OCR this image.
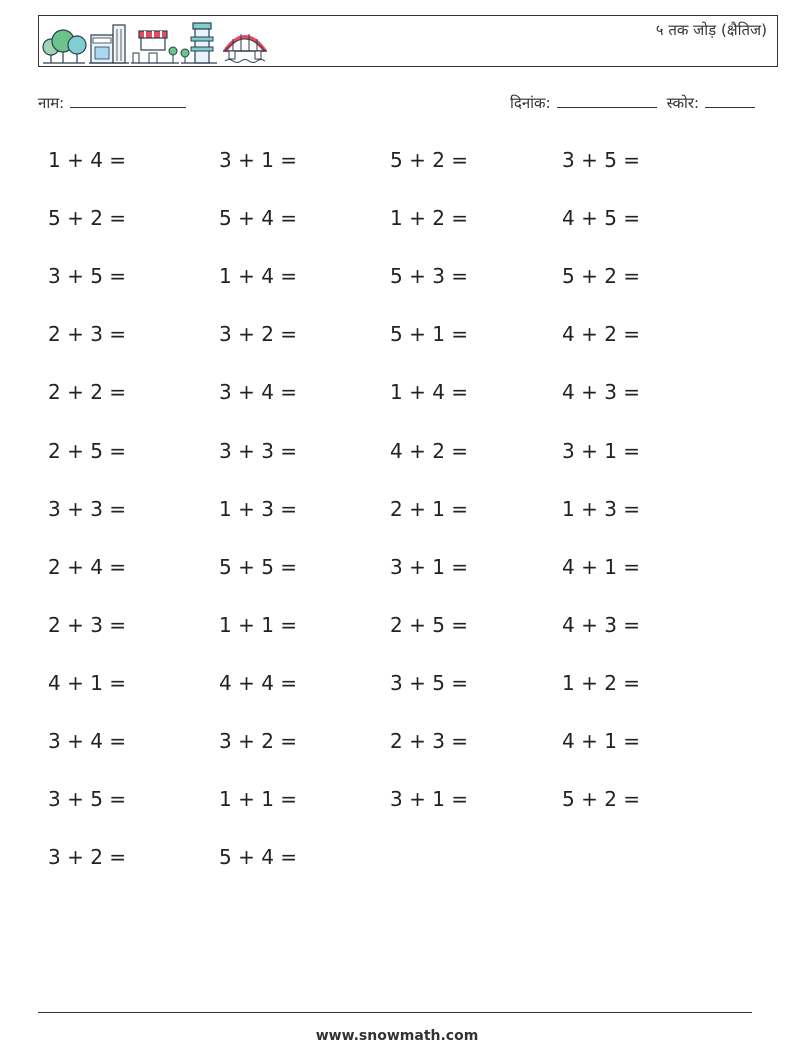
५ तक जोड़ (क्षैतिज)
नाम:	दिनांक:	स्कोर:
1 + 4 =	3 + 1 =	5 + 2 =	3 + 5 =
5 + 2 =	5 + 4 =	1 + 2 =	4 + 5 =
3 + 5 =	1 + 4 =	5 + 3 =	5 + 2 =
2 + 3 =	3 + 2 =	5 + 1 =	4 + 2 =
2 + 2 =	3 + 4 =	1 + 4 =	4 + 3 =
2 + 5 =	3 + 3 =	4 + 2 =	3 + 1 =
3 + 3 =	1 + 3 =	2 + 1 =	1 + 3 =
2 + 4 =	5 + 5 =	3 + 1 =	4 + 1 =
2 + 3 =	1 + 1 =	2 + 5 =	4 + 3 =
4 + 1 =	4 + 4 =	3 + 5 =	1 + 2 =
3 + 4 =	3 + 2 =	2 + 3 =	4 + 1 =
3 + 5 =	1 + 1 =	3 + 1 =	5 + 2 =
3 + 2 =	5 + 4 =
www.snowmath.com
